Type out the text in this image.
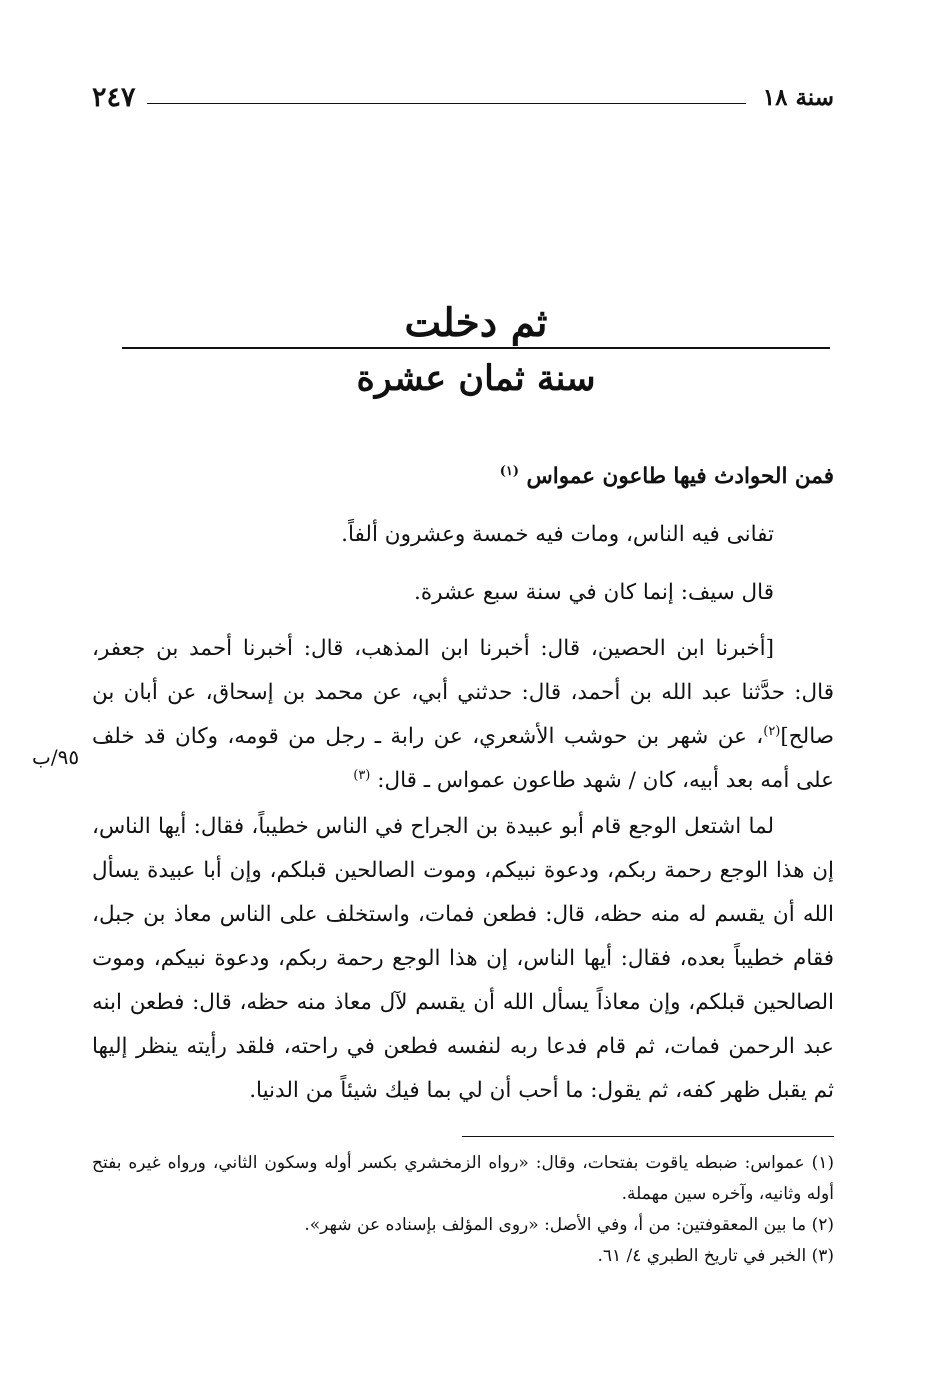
٢٤٧	سنة ١٨
ثم دخلت
سنة ثمان عشرة
فمن الحوادث فيها طاعون عمواس $^{(١)}$
تفانى فيه الناس، ومات فيه خمسة وعشرون ألفاً.
قال سيف: إنما كان في سنة سبع عشرة.
[أخبرنا ابن الحصين، قال: أخبرنا ابن المذهب، قال: أخبرنا أحمد بن جعفر، قال: حدَّثنا عبد الله بن أحمد، قال: حدثني أبي، عن محمد بن إسحاق، عن أبان بن صالح]$^{(٢)}$، عن شهر بن حوشب الأشعري، عن رابة ـ رجل من قومه، وكان قد خلف على أمه بعد أبيه، كان / شهد طاعون عمواس ـ قال: $^{(٣)}$
٩٥/ب
لما اشتعل الوجع قام أبو عبيدة بن الجراح في الناس خطيباً، فقال: أيها الناس، إن هذا الوجع رحمة ربكم، ودعوة نبيكم، وموت الصالحين قبلكم، وإن أبا عبيدة يسأل الله أن يقسم له منه حظه، قال: فطعن فمات، واستخلف على الناس معاذ بن جبل، فقام خطيباً بعده، فقال: أيها الناس، إن هذا الوجع رحمة ربكم، ودعوة نبيكم، وموت الصالحين قبلكم، وإن معاذاً يسأل الله أن يقسم لآل معاذ منه حظه، قال: فطعن ابنه عبد الرحمن فمات، ثم قام فدعا ربه لنفسه فطعن في راحته، فلقد رأيته ينظر إليها ثم يقبل ظهر كفه، ثم يقول: ما أحب أن لي بما فيك شيئاً من الدنيا.

(١) عمواس: ضبطه ياقوت بفتحات، وقال: «رواه الزمخشري بكسر أوله وسكون الثاني، ورواه غيره بفتح أوله وثانيه، وآخره سين مهملة.

(٢) ما بين المعقوفتين: من أ، وفي الأصل: «روى المؤلف بإسناده عن شهر».

(٣) الخبر في تاريخ الطبري ٤/ ٦١.
